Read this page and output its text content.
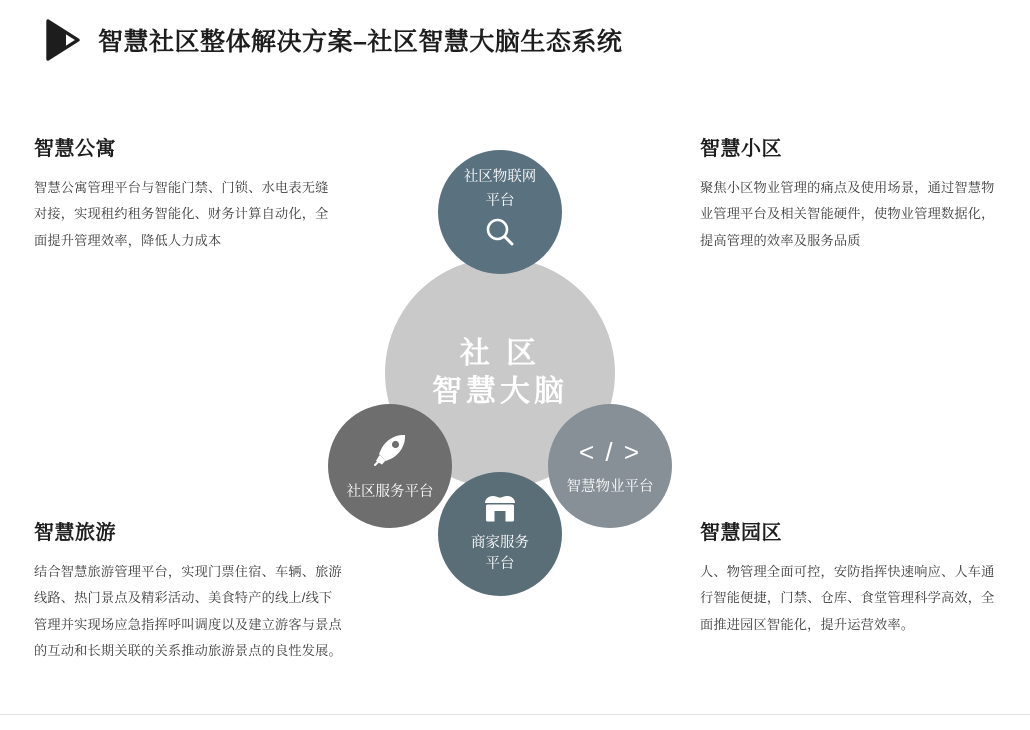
智慧社区整体解决方案–社区智慧大脑生态系统
智慧公寓

智慧公寓管理平台与智能门禁、门锁、水电表无缝对接，实现租约租务智能化、财务计算自动化，全面提升管理效率，降低人力成本

智慧小区

聚焦小区物业管理的痛点及使用场景，通过智慧物业管理平台及相关智能硬件，使物业管理数据化，提高管理的效率及服务品质

智慧旅游

结合智慧旅游管理平台，实现门票住宿、车辆、旅游线路、热门景点及精彩活动、美食特产的线上/线下管理并实现场应急指挥呼叫调度以及建立游客与景点的互动和长期关联的关系推动旅游景点的良性发展。

智慧园区

人、物管理全面可控，安防指挥快速响应、人车通行智能便捷，门禁、仓库、食堂管理科学高效，全面推进园区智能化，提升运营效率。

社 区
智慧大脑
社区物联网
平台
社区服务平台
< / >
智慧物业平台
商家服务
平台
